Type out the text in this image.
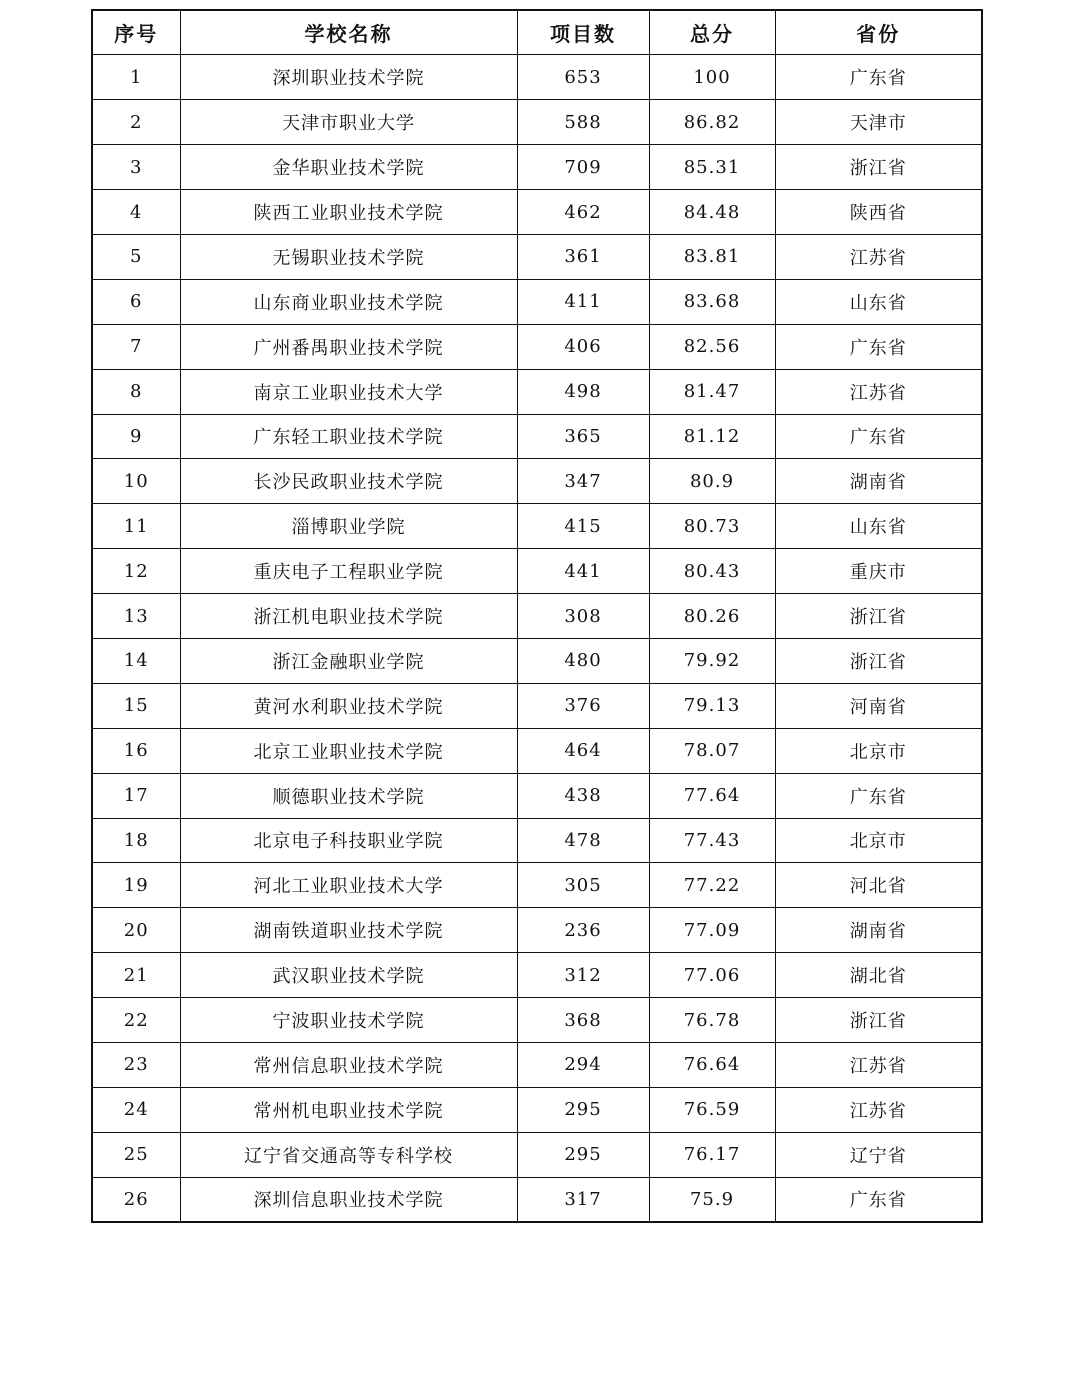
序号	学校名称	项目数	总分	省份
1	深圳职业技术学院	653	100	广东省
2	天津市职业大学	588	86.82	天津市
3	金华职业技术学院	709	85.31	浙江省
4	陕西工业职业技术学院	462	84.48	陕西省
5	无锡职业技术学院	361	83.81	江苏省
6	山东商业职业技术学院	411	83.68	山东省
7	广州番禺职业技术学院	406	82.56	广东省
8	南京工业职业技术大学	498	81.47	江苏省
9	广东轻工职业技术学院	365	81.12	广东省
10	长沙民政职业技术学院	347	80.9	湖南省
11	淄博职业学院	415	80.73	山东省
12	重庆电子工程职业学院	441	80.43	重庆市
13	浙江机电职业技术学院	308	80.26	浙江省
14	浙江金融职业学院	480	79.92	浙江省
15	黄河水利职业技术学院	376	79.13	河南省
16	北京工业职业技术学院	464	78.07	北京市
17	顺德职业技术学院	438	77.64	广东省
18	北京电子科技职业学院	478	77.43	北京市
19	河北工业职业技术大学	305	77.22	河北省
20	湖南铁道职业技术学院	236	77.09	湖南省
21	武汉职业技术学院	312	77.06	湖北省
22	宁波职业技术学院	368	76.78	浙江省
23	常州信息职业技术学院	294	76.64	江苏省
24	常州机电职业技术学院	295	76.59	江苏省
25	辽宁省交通高等专科学校	295	76.17	辽宁省
26	深圳信息职业技术学院	317	75.9	广东省
